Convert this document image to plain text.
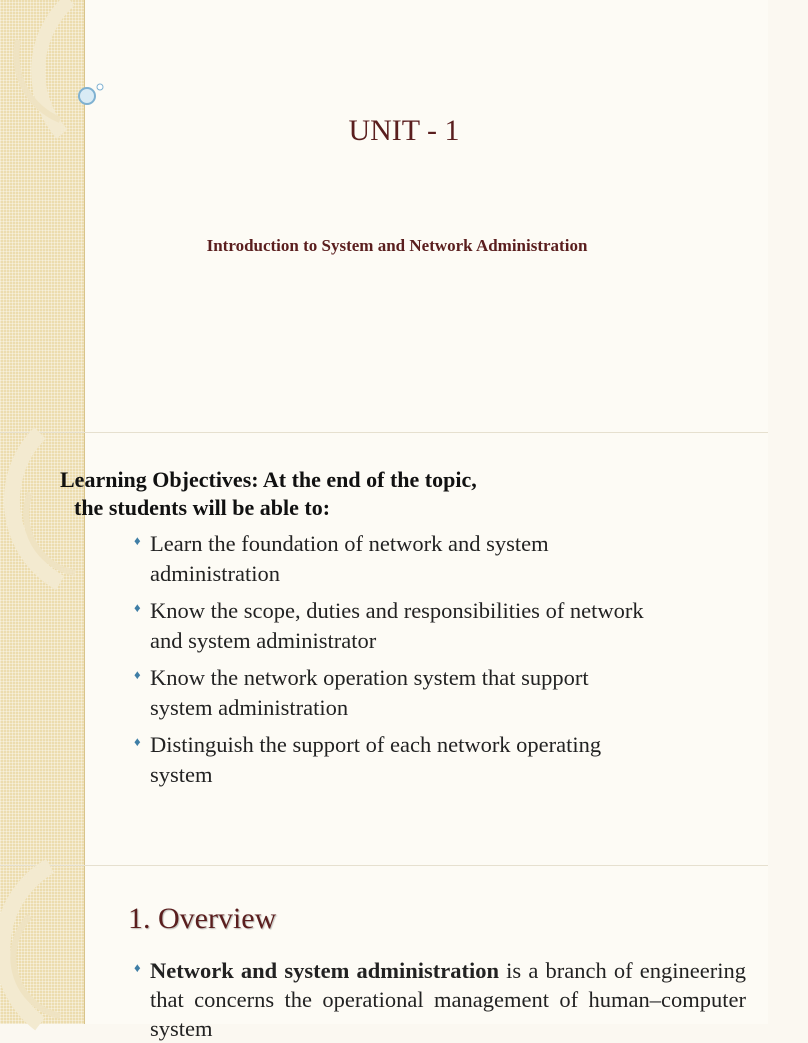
UNIT - 1

Introduction to System and Network Administration

Learning Objectives: At the end of the topic,
the students will be able to:
♦ Learn the foundation of network and system
administration
♦ Know the scope, duties and responsibilities of network
and system administrator
♦ Know the network operation system that support
system administration
♦ Distinguish the support of each network operating
system
1. Overview

♦ Network and system administration is a branch of engineering that concerns the operational management of human–computer system
